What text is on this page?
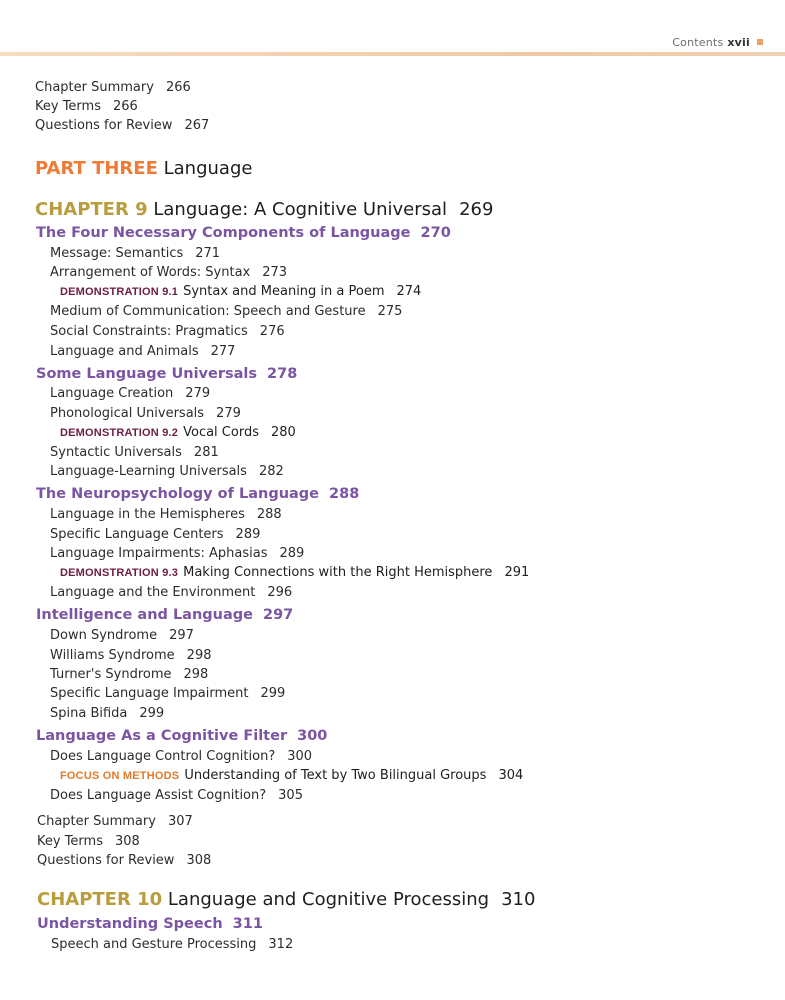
Contents xvii
Chapter Summary 266
Key Terms 266
Questions for Review 267
PART THREE Language
CHAPTER 9 Language: A Cognitive Universal 269
The Four Necessary Components of Language 270
Message: Semantics 271
Arrangement of Words: Syntax 273
DEMONSTRATION 9.1 Syntax and Meaning in a Poem 274
Medium of Communication: Speech and Gesture 275
Social Constraints: Pragmatics 276
Language and Animals 277
Some Language Universals 278
Language Creation 279
Phonological Universals 279
DEMONSTRATION 9.2 Vocal Cords 280
Syntactic Universals 281
Language-Learning Universals 282
The Neuropsychology of Language 288
Language in the Hemispheres 288
Specific Language Centers 289
Language Impairments: Aphasias 289
DEMONSTRATION 9.3 Making Connections with the Right Hemisphere 291
Language and the Environment 296
Intelligence and Language 297
Down Syndrome 297
Williams Syndrome 298
Turner's Syndrome 298
Specific Language Impairment 299
Spina Bifida 299
Language As a Cognitive Filter 300
Does Language Control Cognition? 300
FOCUS ON METHODS Understanding of Text by Two Bilingual Groups 304
Does Language Assist Cognition? 305
Chapter Summary 307
Key Terms 308
Questions for Review 308
CHAPTER 10 Language and Cognitive Processing 310
Understanding Speech 311
Speech and Gesture Processing 312
